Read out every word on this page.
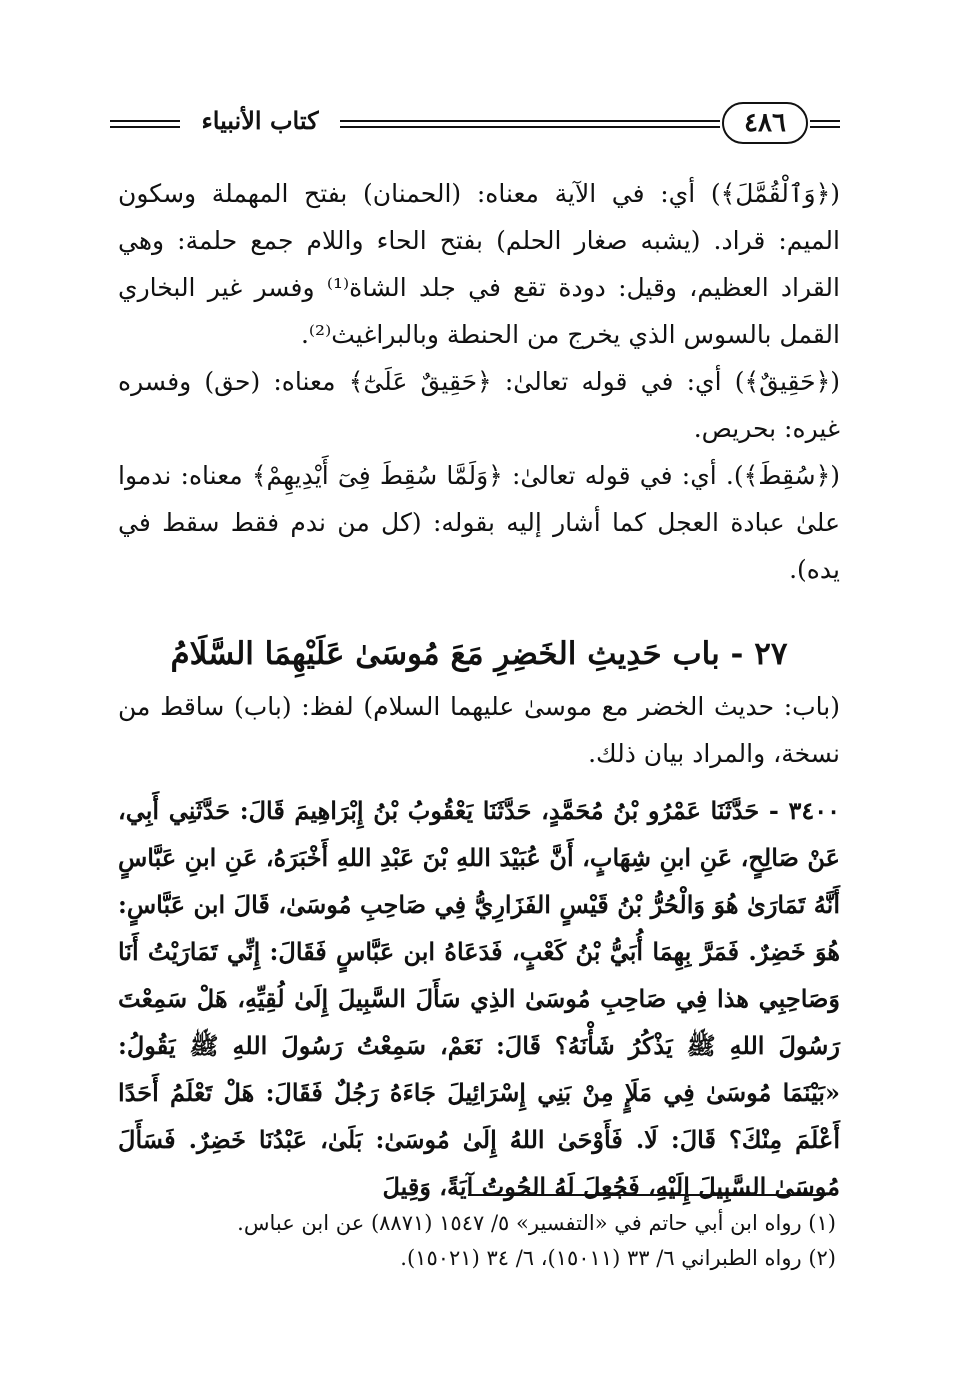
كتاب الأنبياء	٤٨٦

(﴿وَٱلْقُمَّلَ﴾) أي: في الآية معناه: (الحمنان) بفتح المهملة وسكون الميم: قراد. (يشبه صغار الحلم) بفتح الحاء واللام جمع حلمة: وهي القراد العظيم، وقيل: دودة تقع في جلد الشاة⁽¹⁾ وفسر غير البخاري القمل بالسوس الذي يخرج من الحنطة وبالبراغيث⁽²⁾.

(﴿حَقِيقٌ﴾) أي: في قوله تعالىٰ: ﴿حَقِيقٌ عَلَىٰٓ﴾ معناه: (حق) وفسره غيره: بحريص.

(﴿سُقِطَ﴾). أي: في قوله تعالىٰ: ﴿وَلَمَّا سُقِطَ فِىٓ أَيْدِيهِمْ﴾ معناه: ندموا علىٰ عبادة العجل كما أشار إليه بقوله: (كل من ندم فقط سقط في يده).

٢٧ - باب حَدِيثِ الخَضِرِ مَعَ مُوسَىٰ عَلَيْهِمَا السَّلَامُ

(باب: حديث الخضر مع موسىٰ عليهما السلام) لفظ: (باب) ساقط من نسخة، والمراد بيان ذلك.

٣٤٠٠ - حَدَّثَنَا عَمْرُو بْنُ مُحَمَّدٍ، حَدَّثَنَا يَعْقُوبُ بْنُ إِبْرَاهِيمَ قَالَ: حَدَّثَنِي أَبِي، عَنْ صَالِحٍ، عَنِ ابنِ شِهَابٍ، أَنَّ عُبَيْدَ اللهِ بْنَ عَبْدِ اللهِ أَخْبَرَهُ، عَنِ ابنِ عَبَّاسٍ أَنَّهُ تَمَارَىٰ هُوَ وَالْحُرُّ بْنُ قَيْسٍ الفَزَارِيُّ فِي صَاحِبِ مُوسَىٰ، قَالَ ابن عَبَّاسٍ: هُوَ خَضِرٌ. فَمَرَّ بِهِمَا أُبَيُّ بْنُ كَعْبٍ، فَدَعَاهُ ابن عَبَّاسٍ فَقَالَ: إِنِّي تَمَارَيْتُ أَنَا وَصَاحِبِي هذا فِي صَاحِبِ مُوسَىٰ الذِي سَأَلَ السَّبِيلَ إِلَىٰ لُقِيِّهِ، هَلْ سَمِعْتَ رَسُولَ اللهِ ﷺ يَذْكُرُ شَأْنَهُ؟ قَالَ: نَعَمْ، سَمِعْتُ رَسُولَ اللهِ ﷺ يَقُولُ: «بَيْنَمَا مُوسَىٰ فِي مَلَإٍ مِنْ بَنِي إِسْرَائِيلَ جَاءَهُ رَجُلٌ فَقَالَ: هَلْ تَعْلَمُ أَحَدًا أَعْلَمَ مِنْكَ؟ قَالَ: لَا. فَأَوْحَىٰ اللهُ إِلَىٰ مُوسَىٰ: بَلَىٰ، عَبْدُنَا خَضِرٌ. فَسَأَلَ مُوسَىٰ السَّبِيلَ إِلَيْهِ، فَجُعِلَ لَهُ الحُوتُ آيَةً، وَقِيلَ

(١) رواه ابن أبي حاتم في «التفسير» ٥/ ١٥٤٧ (٨٨٧١) عن ابن عباس.

(٢) رواه الطبراني ٦/ ٣٣ (١٥٠١١)، ٦/ ٣٤ (١٥٠٢١).
